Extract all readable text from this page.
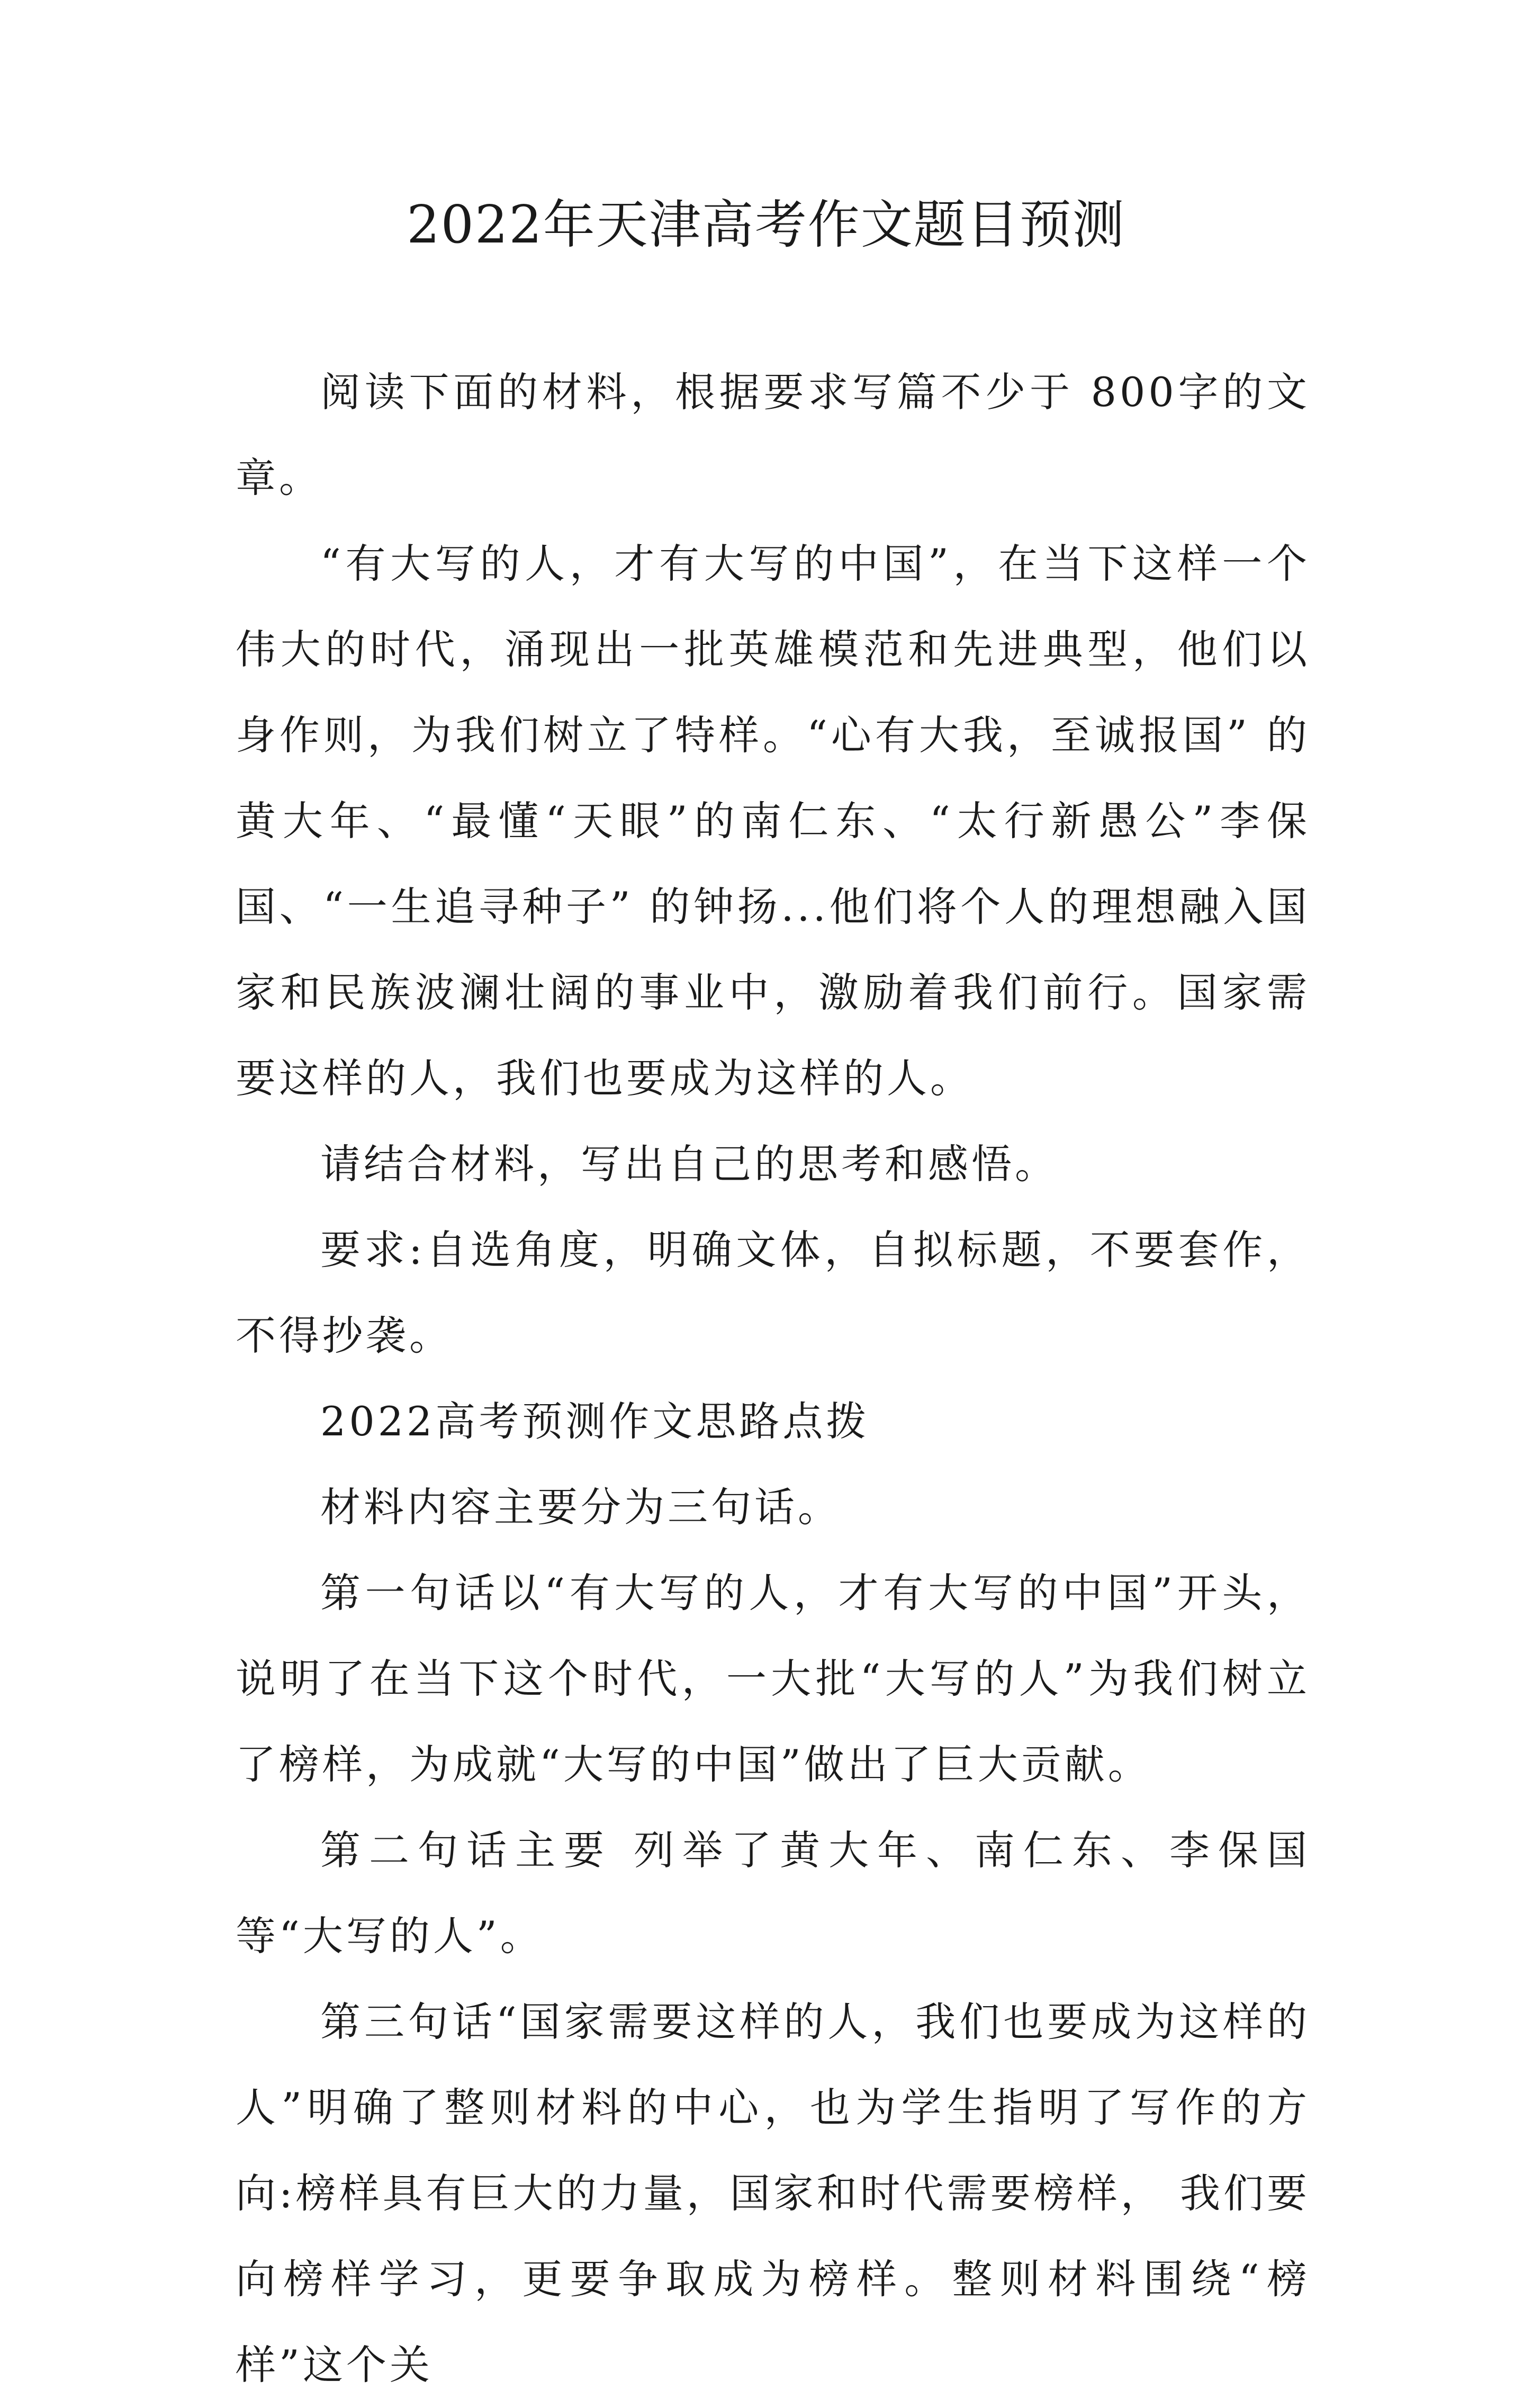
2022年天津高考作文题目预测

阅读下面的材料，根据要求写篇不少于 800字的文章。

“有大写的人，才有大写的中国”，在当下这样一个伟大的时代，涌现出一批英雄模范和先进典型，他们以身作则，为我们树立了特样。“心有大我，至诚报国” 的黄大年、“最懂“天眼”的南仁东、“太行新愚公”李保国、“一生追寻种子” 的钟扬...他们将个人的理想融入国家和民族波澜壮阔的事业中，激励着我们前行。国家需要这样的人，我们也要成为这样的人。

请结合材料，写出自己的思考和感悟。

要求:自选角度，明确文体，自拟标题，不要套作，不得抄袭。

2022高考预测作文思路点拨

材料内容主要分为三句话。

第一句话以“有大写的人，才有大写的中国”开头，说明了在当下这个时代，一大批“大写的人”为我们树立了榜样，为成就“大写的中国”做出了巨大贡献。

第二句话主要 列举了黄大年、南仁东、李保国等“大写的人”。

第三句话“国家需要这样的人，我们也要成为这样的人”明确了整则材料的中心，也为学生指明了写作的方向:榜样具有巨大的力量，国家和时代需要榜样， 我们要向榜样学习，更要争取成为榜样。整则材料围绕“榜样”这个关
